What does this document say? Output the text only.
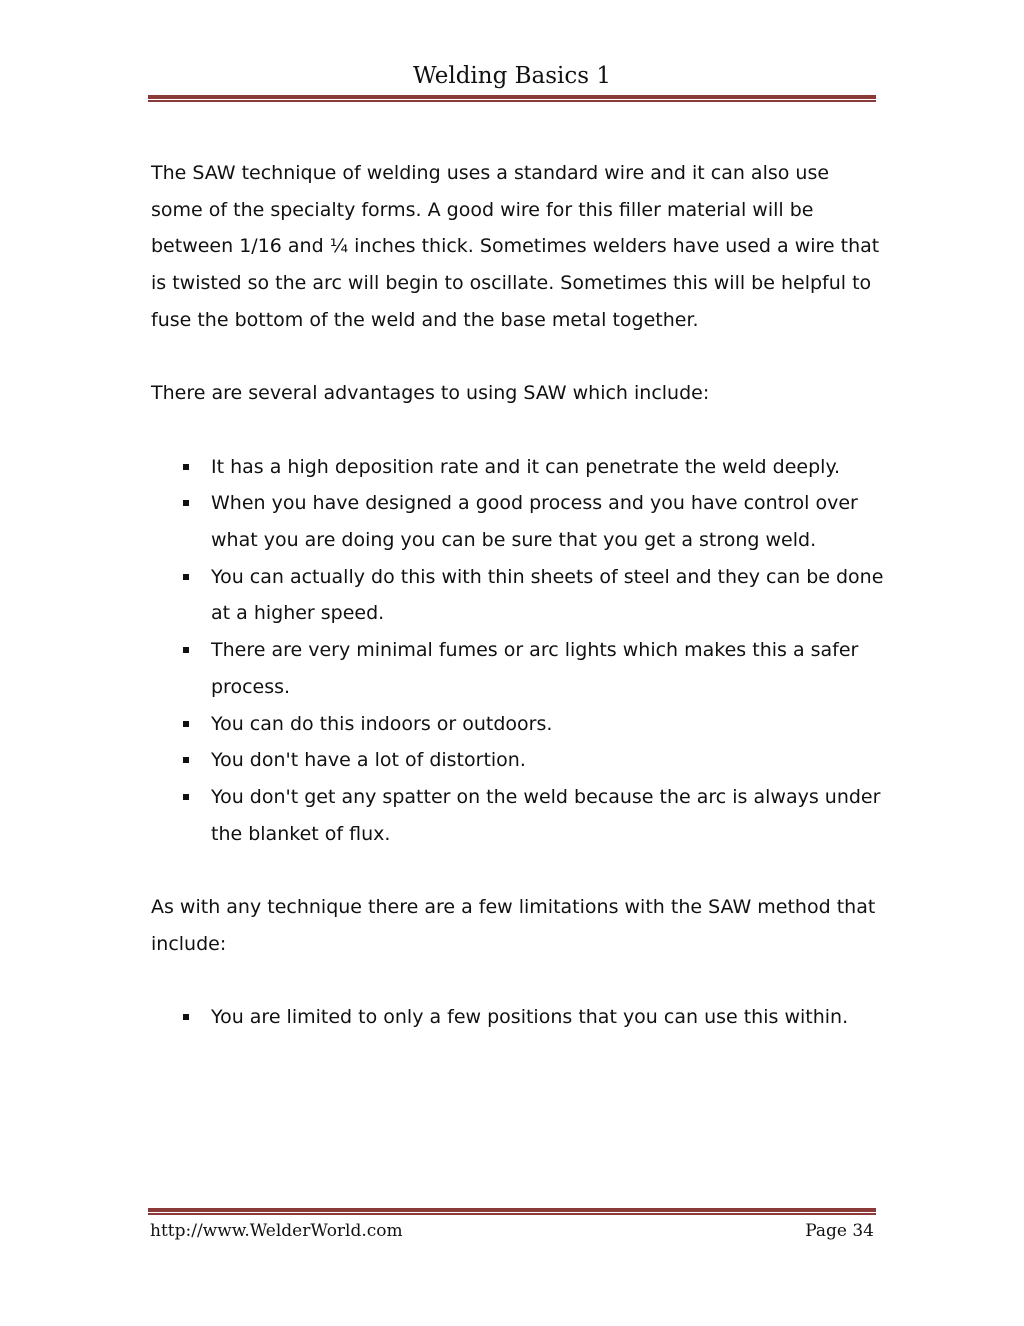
Welding Basics 1

The SAW technique of welding uses a standard wire and it can also use some of the specialty forms. A good wire for this filler material will be between 1/16 and ¼ inches thick. Sometimes welders have used a wire that is twisted so the arc will begin to oscillate. Sometimes this will be helpful to fuse the bottom of the weld and the base metal together.

There are several advantages to using SAW which include:

It has a high deposition rate and it can penetrate the weld deeply.
When you have designed a good process and you have control over what you are doing you can be sure that you get a strong weld.
You can actually do this with thin sheets of steel and they can be done at a higher speed.
There are very minimal fumes or arc lights which makes this a safer process.
You can do this indoors or outdoors.
You don't have a lot of distortion.
You don't get any spatter on the weld because the arc is always under the blanket of flux.

As with any technique there are a few limitations with the SAW method that include:

You are limited to only a few positions that you can use this within.
http://www.WelderWorld.com	Page 34
